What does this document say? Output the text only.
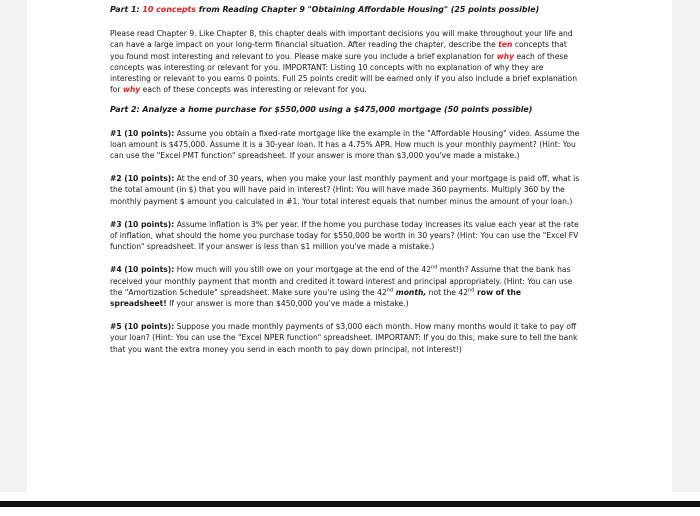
Part 1: 10 concepts from Reading Chapter 9 "Obtaining Affordable Housing" (25 points possible)

Please read Chapter 9. Like Chapter 8, this chapter deals with important decisions you will make throughout your life and can have a large impact on your long-term financial situation. After reading the chapter, describe the ten concepts that you found most interesting and relevant to you. Please make sure you include a brief explanation for why each of these concepts was interesting or relevant for you. IMPORTANT: Listing 10 concepts with no explanation of why they are interesting or relevant to you earns 0 points. Full 25 points credit will be earned only if you also include a brief explanation for why each of these concepts was interesting or relevant for you.

Part 2: Analyze a home purchase for $550,000 using a $475,000 mortgage (50 points possible)

#1 (10 points): Assume you obtain a fixed-rate mortgage like the example in the "Affordable Housing" video. Assume the loan amount is $475,000. Assume it is a 30-year loan. It has a 4.75% APR. How much is your monthly payment? (Hint: You can use the "Excel PMT function" spreadsheet. If your answer is more than $3,000 you've made a mistake.)

#2 (10 points): At the end of 30 years, when you make your last monthly payment and your mortgage is paid off, what is the total amount (in $) that you will have paid in interest? (Hint: You will have made 360 payments. Multiply 360 by the monthly payment $ amount you calculated in #1. Your total interest equals that number minus the amount of your loan.)

#3 (10 points): Assume inflation is 3% per year. If the home you purchase today increases its value each year at the rate of inflation, what should the home you purchase today for $550,000 be worth in 30 years? (Hint: You can use the "Excel FV function" spreadsheet. If your answer is less than $1 million you've made a mistake.)

#4 (10 points): How much will you still owe on your mortgage at the end of the 42nd month? Assume that the bank has received your monthly payment that month and credited it toward interest and principal appropriately. (Hint: You can use the "Amortization Schedule" spreadsheet. Make sure you're using the 42nd month, not the 42nd row of the spreadsheet! If your answer is more than $450,000 you've made a mistake.)

#5 (10 points): Suppose you made monthly payments of $3,000 each month. How many months would it take to pay off your loan? (Hint: You can use the "Excel NPER function" spreadsheet. IMPORTANT: If you do this, make sure to tell the bank that you want the extra money you send in each month to pay down principal, not interest!)
